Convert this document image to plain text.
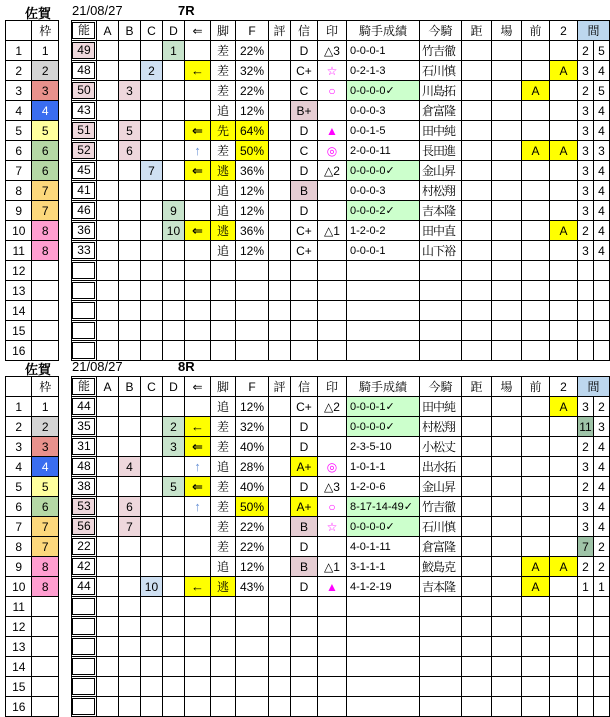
佐賀 21/08/27	7R
	枠
1	1
2	2
3	3
4	4
5	5
6	6
7	6
8	7
9	7
10	8
11	8
12	
13	
14	
15	
16	
能	A	B	C	D	⇐	脚	F	評	信	印	騎手成績	今騎	距	場	前	2	間	

49				1		差	22%		D	△3	0-0-0-1	竹吉徹					2	5

48			2		←	差	32%		C+	☆	0-2-1-3	石川慎				A	3	4

50		3				差	22%		C	○	0-0-0-0✓	川島拓			A		2	5

43						追	12%		B+		0-0-0-3	倉富隆					3	4

51		5			⇐	先	64%		D	▲	0-0-1-5	田中純					3	4

52		6			↑	差	50%		C	◎	2-0-0-11	長田進			A	A	3	3

45			7		⇐	逃	36%		D	△2	0-0-0-0✓	金山昇					3	4

41						追	12%		B		0-0-0-3	村松翔					3	4

46				9		追	12%		D		0-0-0-2✓	吉本隆					3	4

36				10	⇐	逃	36%		C+	△1	1-2-0-2	田中直				A	2	4

33						追	12%		C+		0-0-0-1	山下裕					3	4

佐賀 21/08/27	8R
	枠
1	1
2	2
3	3
4	4
5	5
6	6
7	7
8	7
9	8
10	8
11	
12	
13	
14	
15	
16	
能	A	B	C	D	⇐	脚	F	評	信	印	騎手成績	今騎	距	場	前	2	間	

44						追	12%		C+	△2	0-0-0-1✓	田中純				A	3	2

35				2	←	差	32%		D		0-0-0-0✓	村松翔					11	3

31				3	⇐	差	40%		D		2-3-5-10	小松丈					2	4

48		4			↑	追	28%		A+	◎	1-0-1-1	出水拓					3	4

38				5	⇐	差	40%		D	△3	1-2-0-6	金山昇					2	4

53		6			↑	差	50%		A+	○	8-17-14-49✓	竹吉徹					3	4

56		7				差	22%		B	☆	0-0-0-0✓	石川慎					3	4

22						差	22%		D		4-0-1-11	倉富隆					7	2

42						追	12%		B	△1	3-1-1-1	鮫島克			A	A	2	2

44			10		←	逃	43%		D	▲	4-1-2-19	吉本隆			A		1	1
